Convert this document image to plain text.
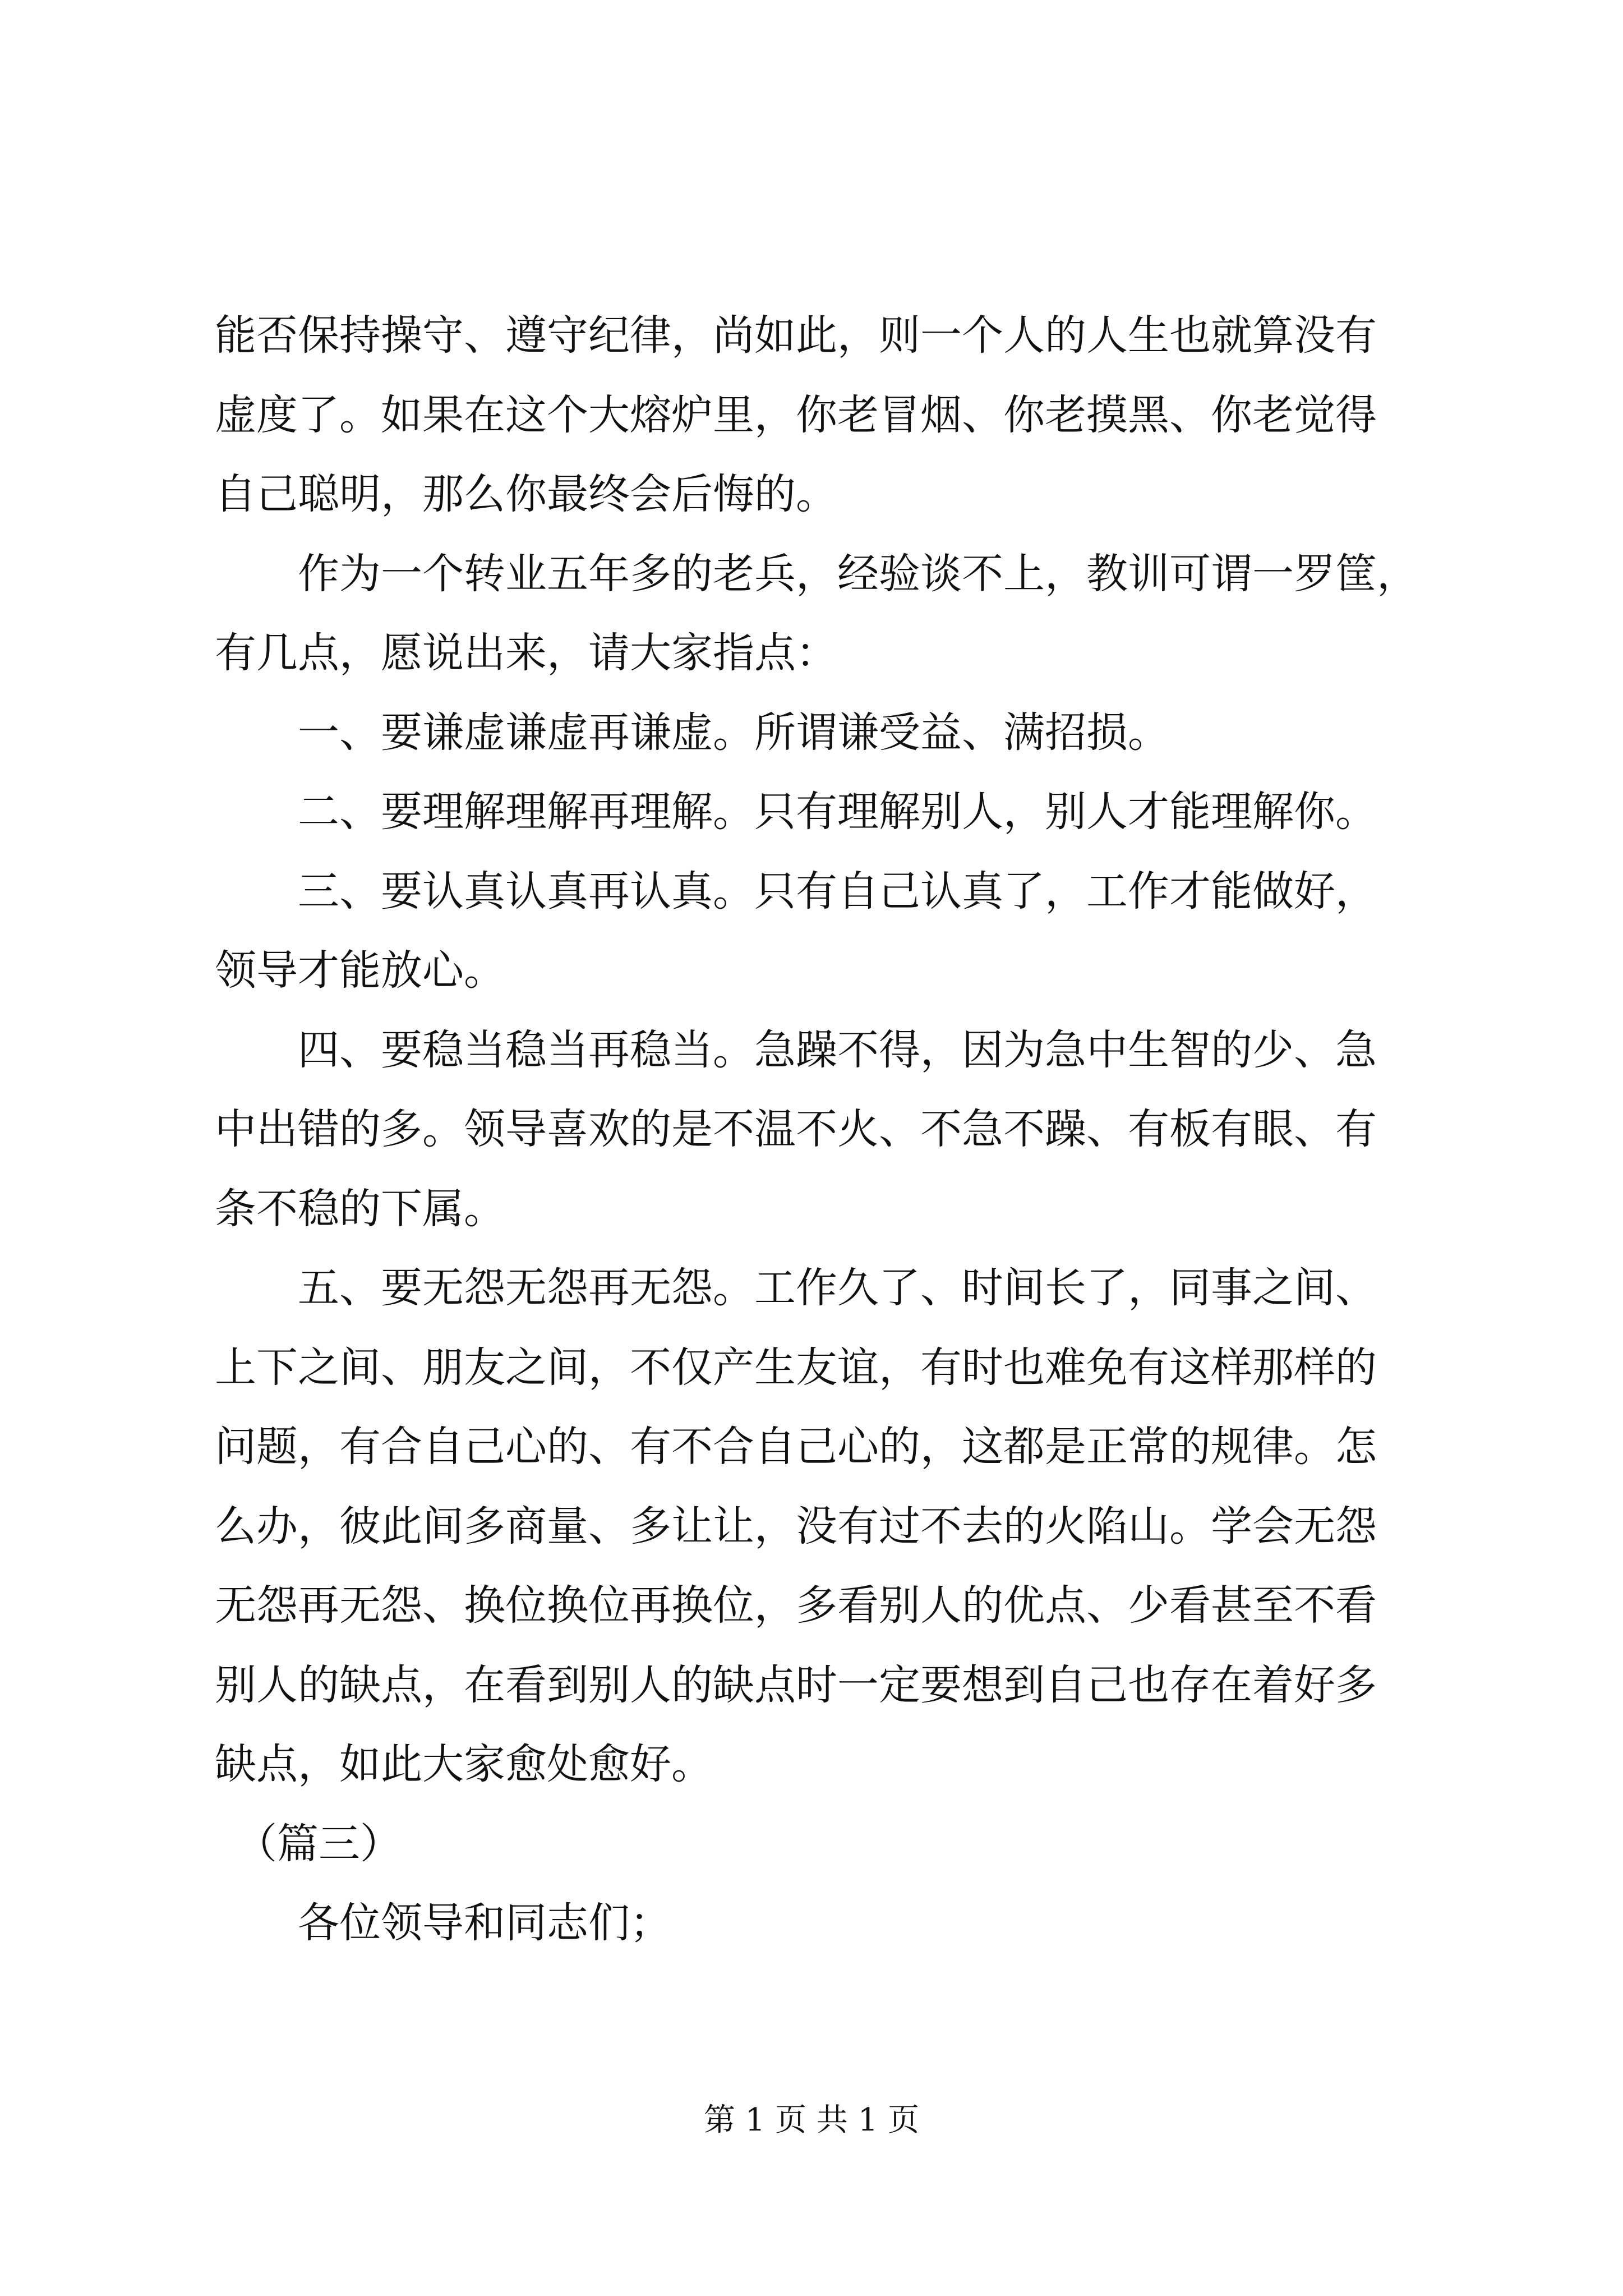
能否保持操守、遵守纪律，尚如此，则一个人的人生也就算没有

虚度了。如果在这个大熔炉里，你老冒烟、你老摸黑、你老觉得

自己聪明，那么你最终会后悔的。

　　作为一个转业五年多的老兵，经验谈不上，教训可谓一罗筐，

有几点，愿说出来，请大家指点：

　　一、要谦虚谦虚再谦虚。所谓谦受益、满招损。

　　二、要理解理解再理解。只有理解别人，别人才能理解你。

　　三、要认真认真再认真。只有自己认真了，工作才能做好，

领导才能放心。

　　四、要稳当稳当再稳当。急躁不得，因为急中生智的少、急

中出错的多。领导喜欢的是不温不火、不急不躁、有板有眼、有

条不稳的下属。

　　五、要无怨无怨再无怨。工作久了、时间长了，同事之间、

上下之间、朋友之间，不仅产生友谊，有时也难免有这样那样的

问题，有合自己心的、有不合自己心的，这都是正常的规律。怎

么办，彼此间多商量、多让让，没有过不去的火陷山。学会无怨

无怨再无怨、换位换位再换位，多看别人的优点、少看甚至不看

别人的缺点，在看到别人的缺点时一定要想到自己也存在着好多

缺点，如此大家愈处愈好。

　（篇三）

　　各位领导和同志们；

第 1 页 共 1 页
